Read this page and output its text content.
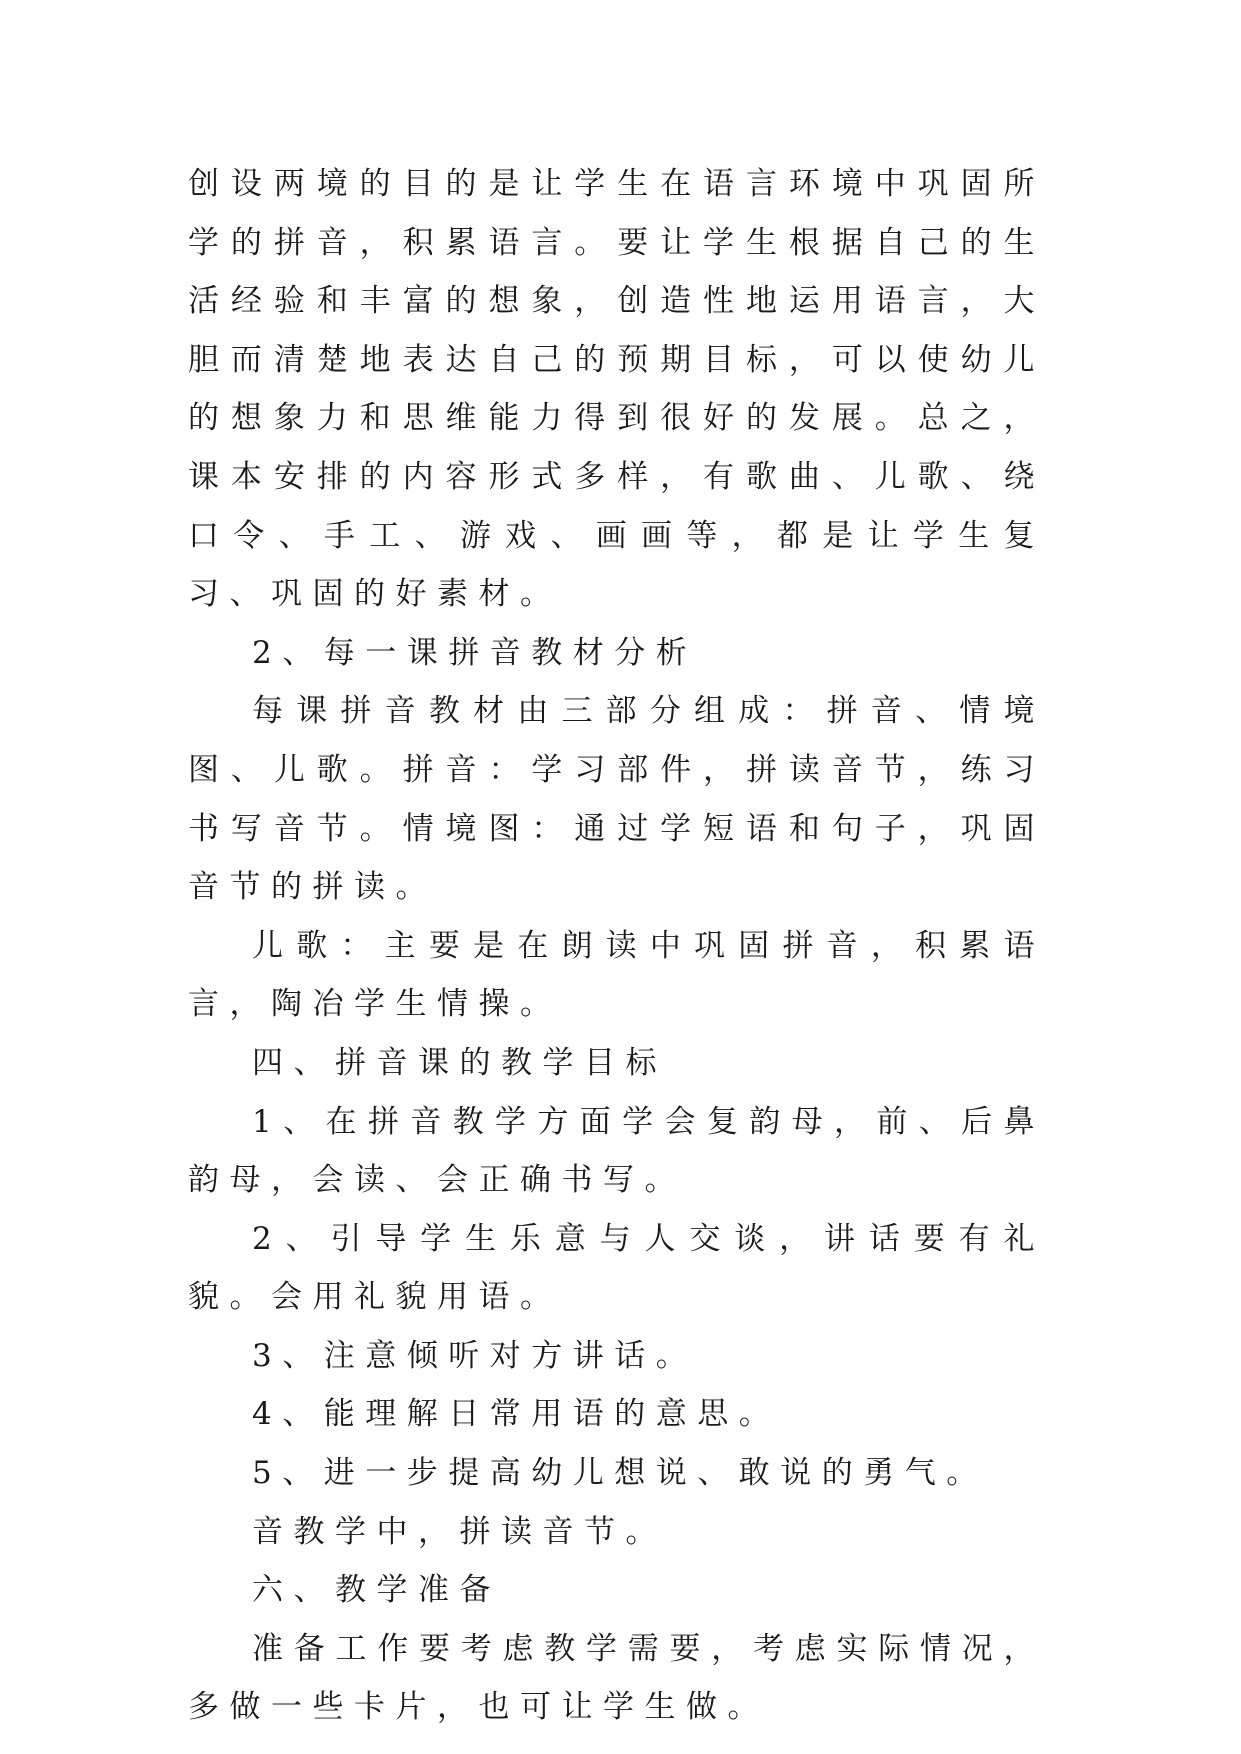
创设两境的目的是让学生在语言环境中巩固所学的拼音，积累语言。要让学生根据自己的生活经验和丰富的想象，创造性地运用语言，大胆而清楚地表达自己的预期目标，可以使幼儿的想象力和思维能力得到很好的发展。总之，课本安排的内容形式多样，有歌曲、儿歌、绕口令、手工、游戏、画画等，都是让学生复习、巩固的好素材。

2、每一课拼音教材分析

每课拼音教材由三部分组成：拼音、情境图、儿歌。拼音：学习部件，拼读音节，练习书写音节。情境图：通过学短语和句子，巩固音节的拼读。

儿歌：主要是在朗读中巩固拼音，积累语言，陶冶学生情操。

四、拼音课的教学目标

1、在拼音教学方面学会复韵母，前、后鼻韵母，会读、会正确书写。

2、引导学生乐意与人交谈，讲话要有礼貌。会用礼貌用语。

3、注意倾听对方讲话。

4、能理解日常用语的意思。

5、进一步提高幼儿想说、敢说的勇气。

音教学中，拼读音节。

六、教学准备

准备工作要考虑教学需要，考虑实际情况，多做一些卡片，也可让学生做。
